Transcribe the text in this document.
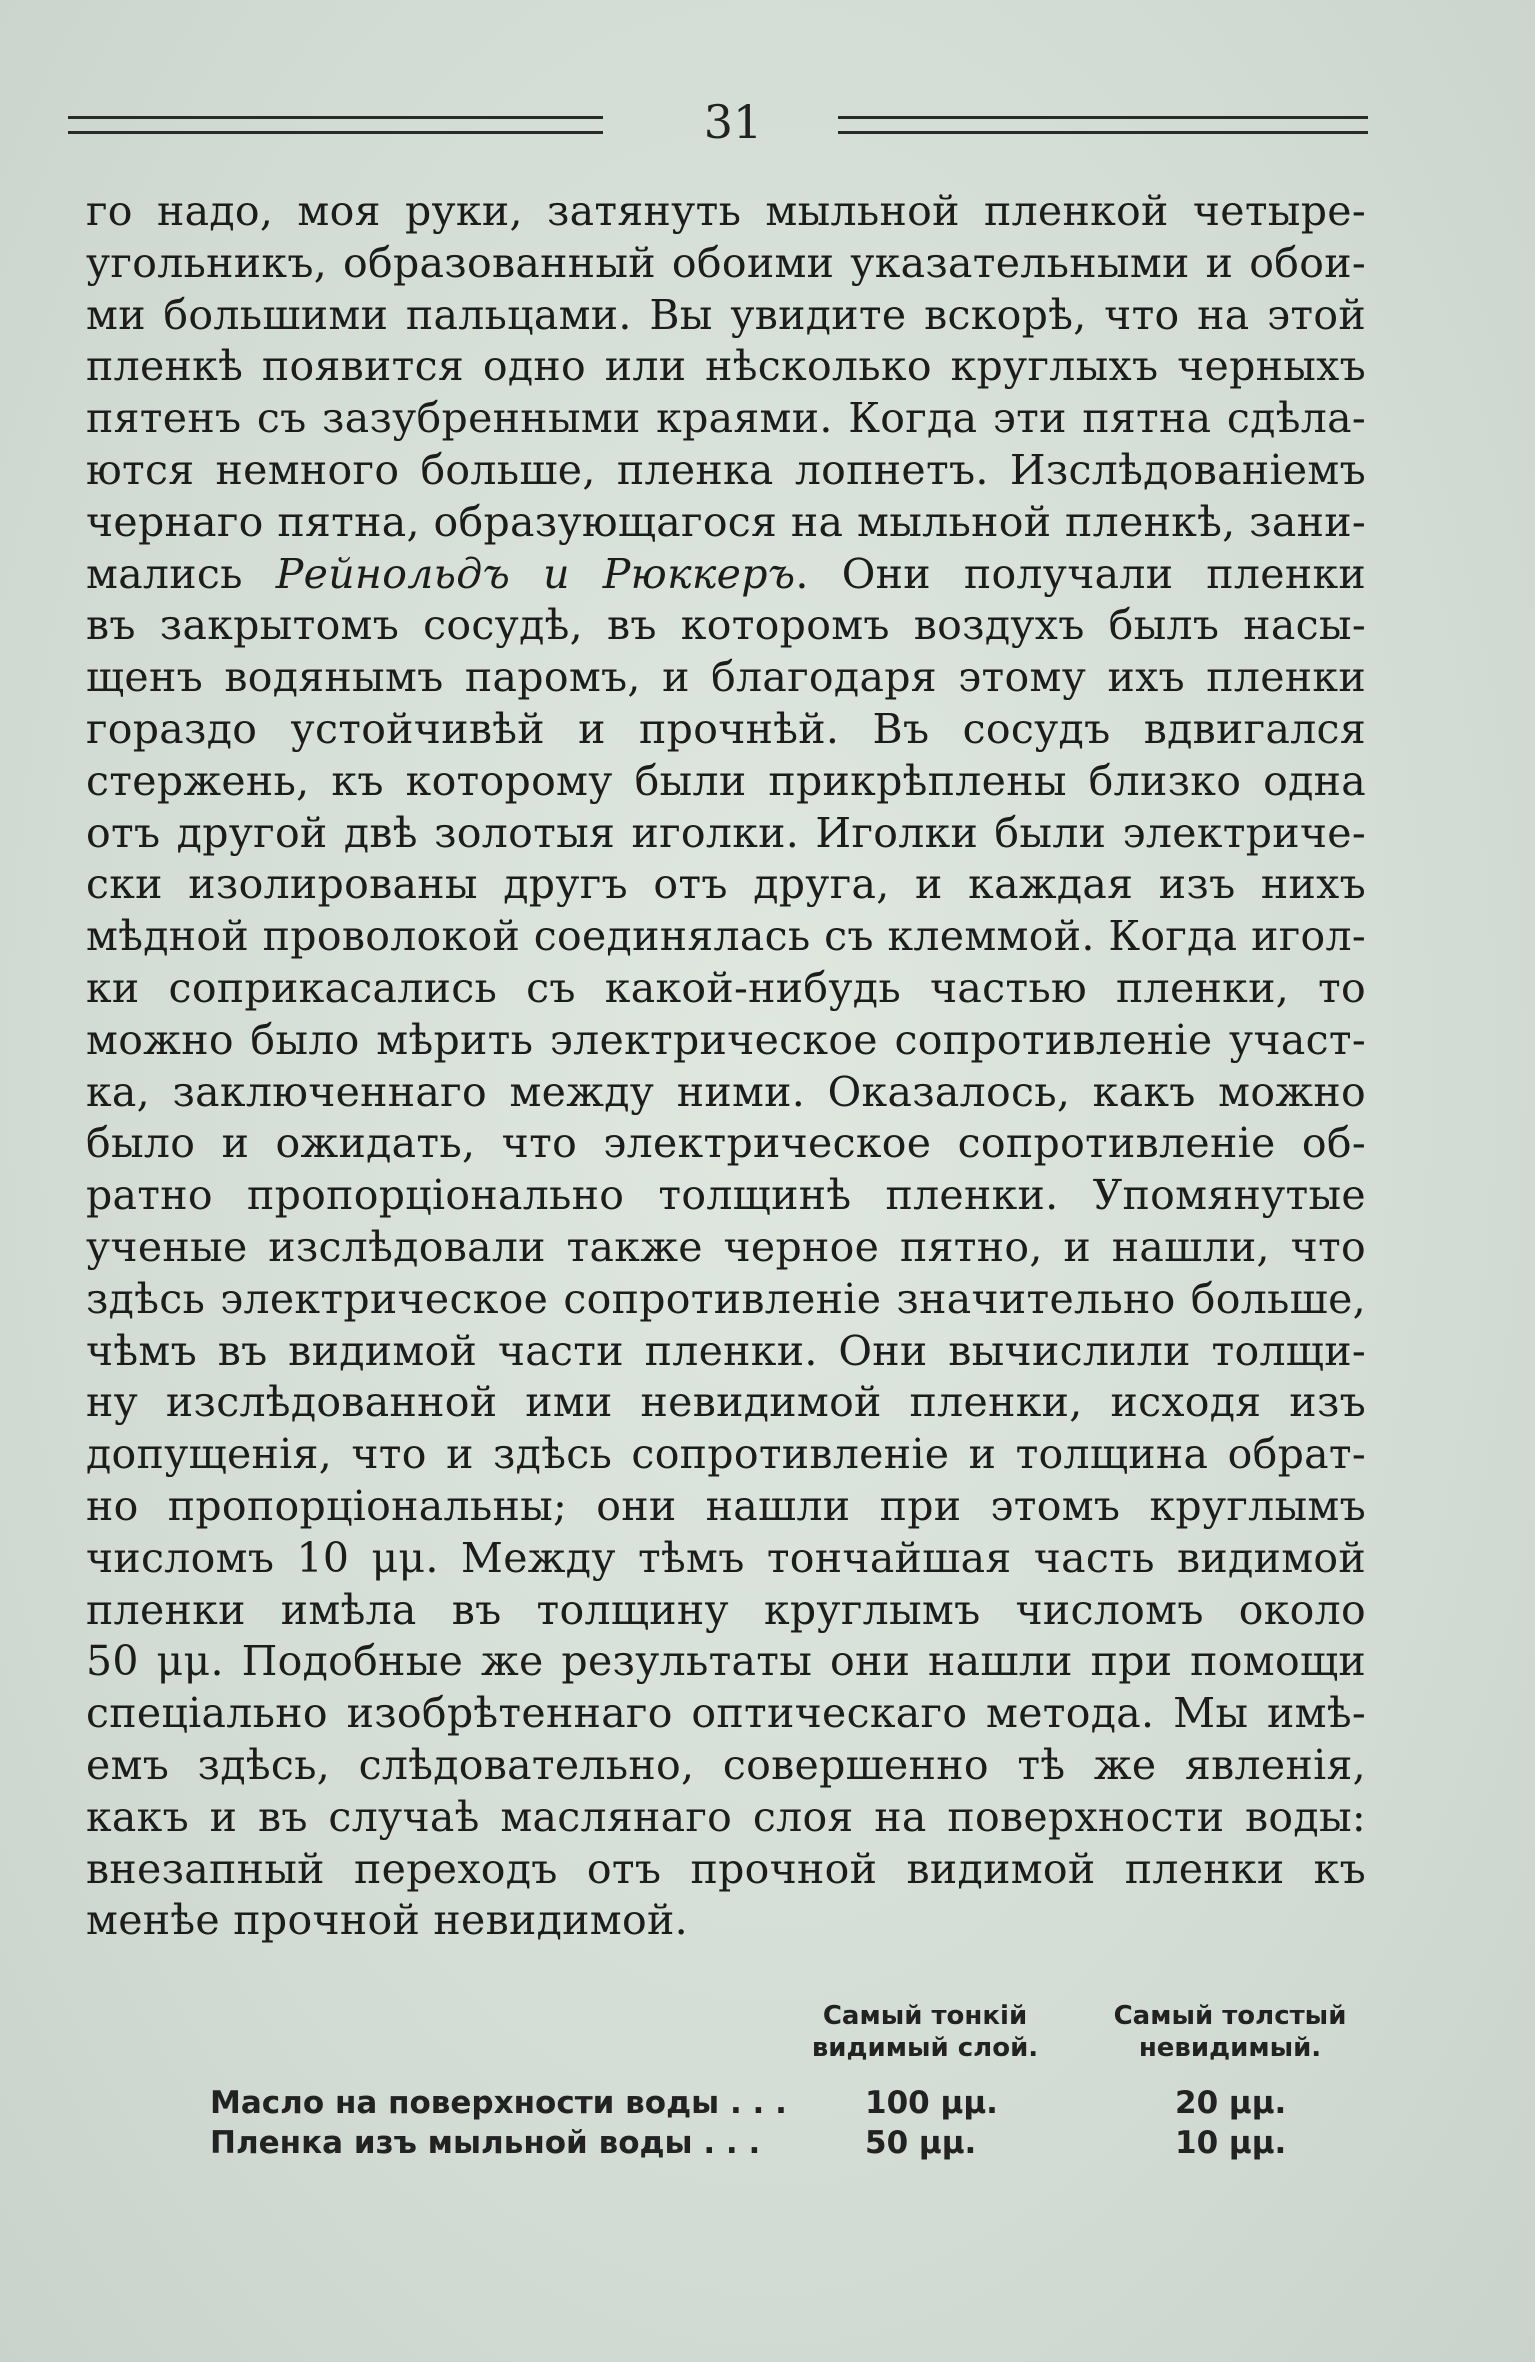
31
го надо, моя руки, затянуть мыльной пленкой четыре-
угольникъ, образованный обоими указательными и обои-
ми большими пальцами. Вы увидите вскорѣ, что на этой
пленкѣ появится одно или нѣсколько круглыхъ черныхъ
пятенъ съ зазубренными краями. Когда эти пятна сдѣла-
ются немного больше, пленка лопнетъ. Изслѣдованіемъ
чернаго пятна, образующагося на мыльной пленкѣ, зани-
мались Рейнольдъ и Рюккеръ. Они получали пленки
въ закрытомъ сосудѣ, въ которомъ воздухъ былъ насы-
щенъ водянымъ паромъ, и благодаря этому ихъ пленки
гораздо устойчивѣй и прочнѣй. Въ сосудъ вдвигался
стержень, къ которому были прикрѣплены близко одна
отъ другой двѣ золотыя иголки. Иголки были электриче-
ски изолированы другъ отъ друга, и каждая изъ нихъ
мѣдной проволокой соединялась съ клеммой. Когда игол-
ки соприкасались съ какой-нибудь частью пленки, то
можно было мѣрить электрическое сопротивленіе участ-
ка, заключеннаго между ними. Оказалось, какъ можно
было и ожидать, что электрическое сопротивленіе об-
ратно пропорціонально толщинѣ пленки. Упомянутые
ученые изслѣдовали также черное пятно, и нашли, что
здѣсь электрическое сопротивленіе значительно больше,
чѣмъ въ видимой части пленки. Они вычислили толщи-
ну изслѣдованной ими невидимой пленки, исходя изъ
допущенія, что и здѣсь сопротивленіе и толщина обрат-
но пропорціональны; они нашли при этомъ круглымъ
числомъ 10 μμ. Между тѣмъ тончайшая часть видимой
пленки имѣла въ толщину круглымъ числомъ около
50 μμ. Подобные же результаты они нашли при помощи
спеціально изобрѣтеннаго оптическаго метода. Мы имѣ-
емъ здѣсь, слѣдовательно, совершенно тѣ же явленія,
какъ и въ случаѣ маслянаго слоя на поверхности воды:
внезапный переходъ отъ прочной видимой пленки къ
менѣе прочной невидимой.
Самый тонкій
видимый слой.
Самый толстый
невидимый.
Масло на поверхности воды . . .	100 μμ.	20 μμ.
Пленка изъ мыльной воды . . .	50 μμ.	10 μμ.
